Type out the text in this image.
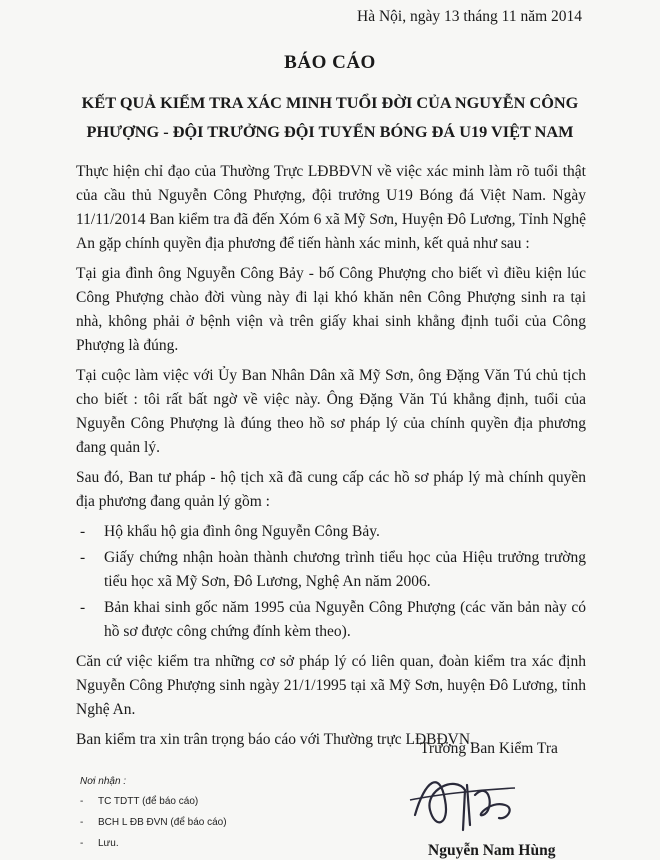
Hà Nội, ngày 13 tháng 11 năm 2014
BÁO CÁO
KẾT QUẢ KIỂM TRA XÁC MINH TUỔI ĐỜI CỦA NGUYỄN CÔNG
PHƯỢNG - ĐỘI TRƯỞNG ĐỘI TUYỂN BÓNG ĐÁ U19 VIỆT NAM

Thực hiện chỉ đạo của Thường Trực LĐBĐVN về việc xác minh làm rõ tuổi thật của cầu thủ Nguyễn Công Phượng, đội trưởng U19 Bóng đá Việt Nam. Ngày 11/11/2014 Ban kiểm tra đã đến Xóm 6 xã Mỹ Sơn, Huyện Đô Lương, Tỉnh Nghệ An gặp chính quyền địa phương để tiến hành xác minh, kết quả như sau :

Tại gia đình ông Nguyễn Công Bảy - bố Công Phượng cho biết vì điều kiện lúc Công Phượng chào đời vùng này đi lại khó khăn nên Công Phượng sinh ra tại nhà, không phải ở bệnh viện và trên giấy khai sinh khẳng định tuổi của Công Phượng là đúng.

Tại cuộc làm việc với Ủy Ban Nhân Dân xã Mỹ Sơn, ông Đặng Văn Tú chủ tịch cho biết : tôi rất bất ngờ về việc này. Ông Đặng Văn Tú khẳng định, tuổi của Nguyễn Công Phượng là đúng theo hồ sơ pháp lý của chính quyền địa phương đang quản lý.

Sau đó, Ban tư pháp - hộ tịch xã đã cung cấp các hồ sơ pháp lý mà chính quyền địa phương đang quản lý gồm :

- Hộ khẩu hộ gia đình ông Nguyễn Công Bảy.
- Giấy chứng nhận hoàn thành chương trình tiểu học của Hiệu trưởng trường tiểu học xã Mỹ Sơn, Đô Lương, Nghệ An năm 2006.
- Bản khai sinh gốc năm 1995 của Nguyễn Công Phượng (các văn bản này có hồ sơ được công chứng đính kèm theo).

Căn cứ việc kiểm tra những cơ sở pháp lý có liên quan, đoàn kiểm tra xác định Nguyễn Công Phượng sinh ngày 21/1/1995 tại xã Mỹ Sơn, huyện Đô Lương, tỉnh Nghệ An.

Ban kiểm tra xin trân trọng báo cáo với Thường trực LĐBĐVN.

Nơi nhận :
- TC TDTT (để báo cáo)
- BCH L ĐB ĐVN (để báo cáo)
- Lưu.
Trưởng Ban Kiểm Tra
Nguyễn Nam Hùng
